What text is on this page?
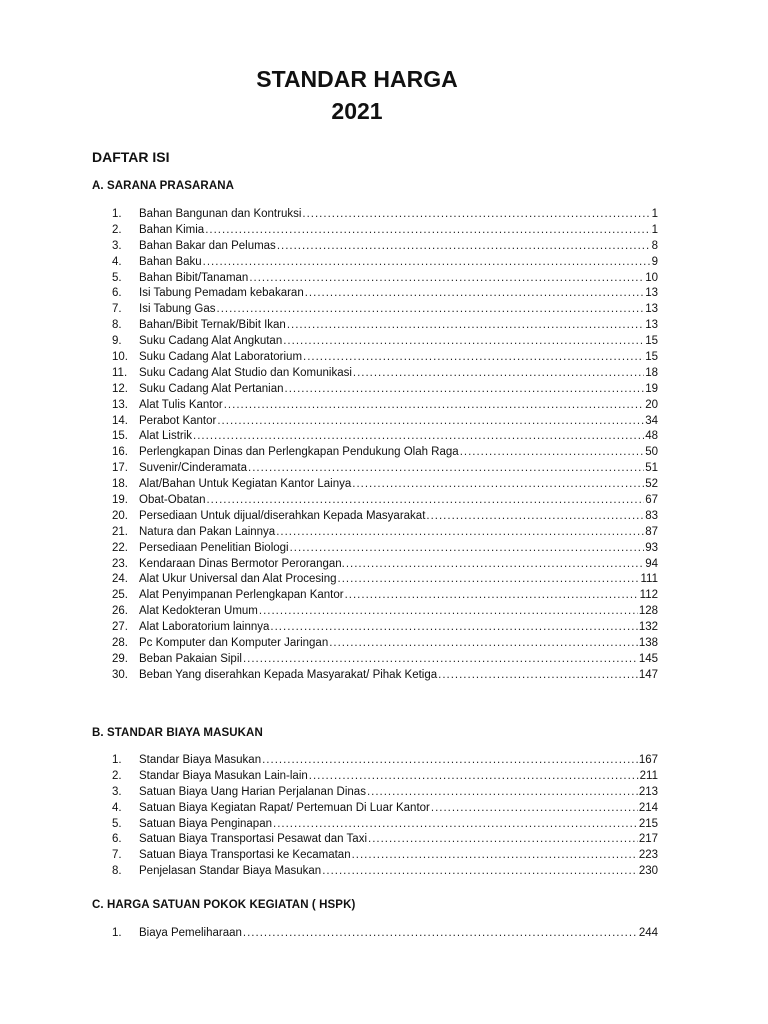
STANDAR HARGA
2021
DAFTAR ISI
A. SARANA PRASARANA
1.	Bahan Bangunan dan Kontruksi .....	1
2.	Bahan Kimia .....	1
3.	Bahan Bakar dan Pelumas .....	8
4.	Bahan Baku .....	9
5.	Bahan Bibit/Tanaman .....	10
6.	Isi Tabung Pemadam kebakaran .....	13
7.	Isi Tabung Gas .....	13
8.	Bahan/Bibit Ternak/Bibit Ikan .....	13
9.	Suku Cadang Alat Angkutan .....	15
10. Suku Cadang Alat Laboratorium .....	15
11.	Suku Cadang Alat Studio dan Komunikasi .....	18
12. Suku Cadang Alat Pertanian .....	19
13. Alat Tulis Kantor .....	20
14. Perabot Kantor .....	34
15. Alat Listrik .....	48
16. Perlengkapan Dinas dan Perlengkapan Pendukung Olah Raga .....	50
17. Suvenir/Cinderamata .....	51
18. Alat/Bahan Untuk Kegiatan Kantor Lainya .....	52
19. Obat-Obatan .....	67
20. Persediaan Untuk dijual/diserahkan Kepada Masyarakat .....	83
21. Natura dan Pakan Lainnya .....	87
22. Persediaan Penelitian Biologi .....	93
23. Kendaraan Dinas Bermotor Perorangan. .....	94
24. Alat Ukur Universal dan Alat Procesing .....	111
25. Alat Penyimpanan Perlengkapan Kantor .....	112
26. Alat Kedokteran Umum .....	128
27. Alat Laboratorium lainnya .....	132
28. Pc Komputer dan Komputer Jaringan .....	138
29. Beban Pakaian Sipil .....	145
30. Beban Yang diserahkan Kepada Masyarakat/ Pihak Ketiga .....	147
B. STANDAR BIAYA MASUKAN
1.	Standar Biaya Masukan .....	167
2.	Standar Biaya Masukan Lain-lain .....	211
3.	Satuan Biaya Uang Harian Perjalanan Dinas .....	213
4.	Satuan Biaya Kegiatan Rapat/ Pertemuan Di Luar Kantor .....	214
5.	Satuan Biaya Penginapan .....	215
6.	Satuan Biaya Transportasi Pesawat dan Taxi .....	217
7.	Satuan Biaya Transportasi ke Kecamatan .....	223
8.	Penjelasan Standar Biaya Masukan .....	230
C. HARGA SATUAN POKOK KEGIATAN ( HSPK)
1.	Biaya Pemeliharaan .....	244
